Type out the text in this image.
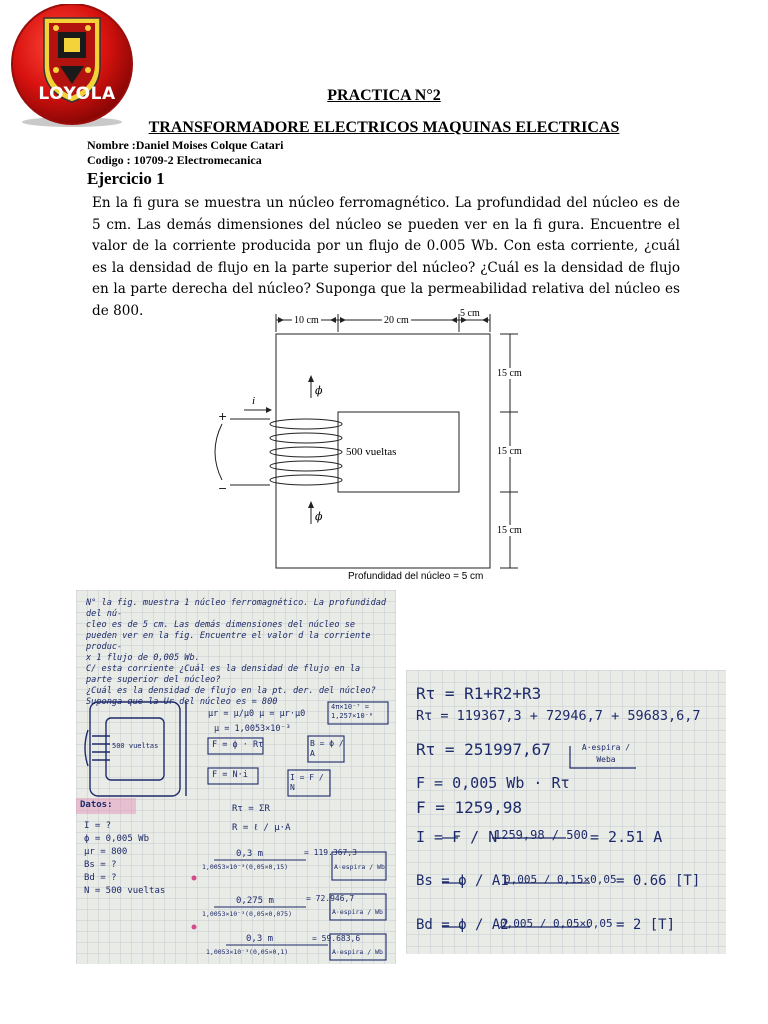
LOYOLA	PRACTICA N°2
TRANSFORMADORE ELECTRICOS MAQUINAS ELECTRICAS
Nombre :Daniel Moises Colque Catari
Codigo : 10709-2 Electromecanica
Ejercicio 1
En la fi gura se muestra un núcleo ferromagnético. La profundidad del núcleo es de 5 cm. Las demás dimensiones del núcleo se pueden ver en la fi gura. Encuentre el valor de la corriente producida por un flujo de 0.005 Wb. Con esta corriente, ¿cuál es la densidad de flujo en la parte superior del núcleo? ¿Cuál es la densidad de flujo en la parte derecha del núcleo? Suponga que la permeabilidad relativa del núcleo es de 800.
10 cm	20 cm
5 cm
15 cm
15 cm
15 cm
500 vueltas
i
ϕ
ϕ
+
−
Profundidad del núcleo = 5 cm
N° la fig. muestra 1 núcleo ferromagnético. La profundidad del nú-
cleo es de 5 cm. Las demás dimensiones del núcleo se
pueden ver en la fig. Encuentre el valor d la corriente produc-
x 1 flujo de 0,005 Wb.
C/ esta corriente ¿Cuál es la densidad de flujo en la
parte superior del núcleo?
¿Cuál es la densidad de flujo en la pt. der. del núcleo?
Suponga que la Ur del núcleo es = 800
500 vueltas
μr = μ/μ0 μ = μr·μ0
μ = 1,0053×10⁻³
4π×10⁻⁷ = 1,257×10⁻⁶
F = ϕ · Rτ
F = N·i
B = ϕ / A
I = F / N
Datos:
I = ?
ϕ = 0,005 Wb
μr = 800
Bs = ?
Bd = ?
N = 500 vueltas
Rτ = ΣR
R = ℓ / μ·A
0,3 m
1,0053×10⁻³(0,05×0,15)
= 119.367,3
A·espira / Wb
0,275 m
1,0053×10⁻³(0,05×0,075)
= 72.946,7
A·espira / Wb
0,3 m
1,0053×10⁻³(0,05×0,1)
= 59.683,6
A·espira / Wb
Rτ = R1+R2+R3
Rτ = 119367,3 + 72946,7 + 59683,6,7
Rτ = 251997,67	A·espira / Weba
F = 0,005 Wb · Rτ
F = 1259,98
I = F / N
1259,98 / 500 = 2.51 A
Bs = ϕ / A1
0,005 / 0,15×0,05 = 0.66 [T]
Bd = ϕ / A2
0,005 / 0,05×0,05 = 2 [T]
